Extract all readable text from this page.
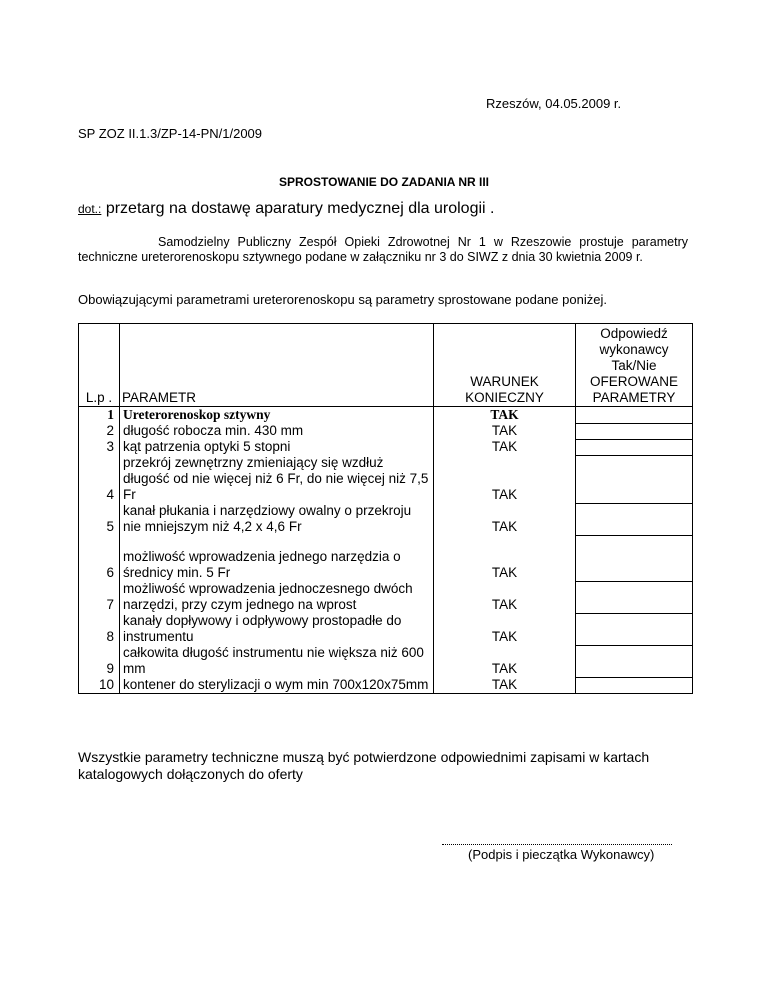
Rzeszów, 04.05.2009 r.
SP ZOZ II.1.3/ZP-14-PN/1/2009
SPROSTOWANIE DO ZADANIA NR III
dot.: przetarg na dostawę aparatury medycznej dla urologii .
Samodzielny Publiczny Zespół Opieki Zdrowotnej Nr 1 w Rzeszowie prostuje parametry techniczne ureterorenoskopu sztywnego podane w załączniku nr 3 do SIWZ z dnia 30 kwietnia 2009 r.
Obowiązującymi parametrami ureterorenoskopu są parametry sprostowane podane poniżej.
L.p .	PARAMETR	WARUNEK KONIECZNY	Odpowiedź wykonawcy Tak/Nie OFEROWANE PARAMETRY
1	Ureterorenoskop sztywny	TAK	
2	długość robocza min. 430 mm	TAK	
3	kąt patrzenia optyki 5 stopni	TAK	
4	przekrój zewnętrzny zmieniający się wzdłuż długość od nie więcej niż 6 Fr, do nie więcej niż 7,5 Fr	TAK	
5	kanał płukania i narzędziowy owalny o przekroju nie mniejszym niż 4,2 x 4,6 Fr	TAK	
6	możliwość wprowadzenia jednego narzędzia o średnicy min. 5 Fr	TAK	
7	możliwość wprowadzenia jednoczesnego dwóch narzędzi, przy czym jednego na wprost	TAK	
8	kanały dopływowy i odpływowy prostopadłe do instrumentu	TAK	
9	całkowita długość instrumentu nie większa niż 600 mm	TAK	
10	kontener do sterylizacji o wym min 700x120x75mm	TAK	
Wszystkie parametry techniczne muszą być potwierdzone odpowiednimi zapisami w kartach katalogowych dołączonych do oferty
(Podpis i pieczątka Wykonawcy)
